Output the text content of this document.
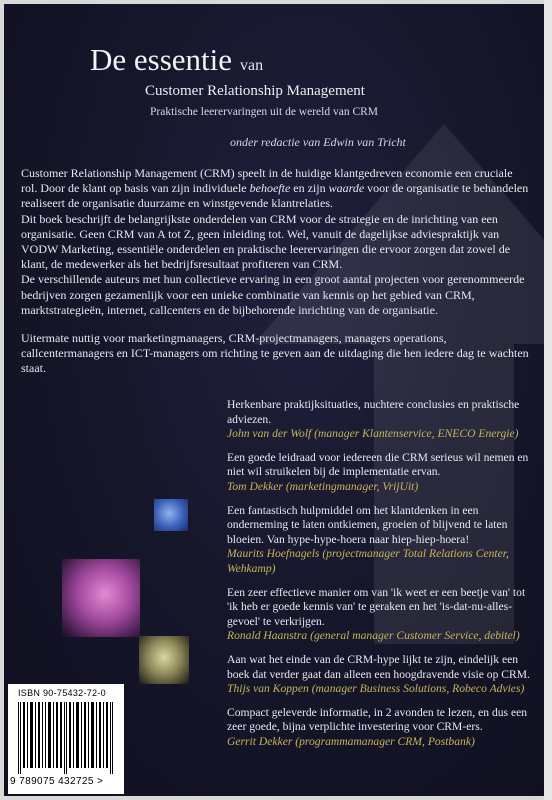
De essentie van
Customer Relationship Management
Praktische leerervaringen uit de wereld van CRM
onder redactie van Edwin van Tricht

Customer Relationship Management (CRM) speelt in de huidige klantgedreven economie een cruciale rol. Door de klant op basis van zijn individuele behoefte en zijn waarde voor de organisatie te behandelen realiseert de organisatie duurzame en winstgevende klantrelaties.

Dit boek beschrijft de belangrijkste onderdelen van CRM voor de strategie en de inrichting van een organisatie. Geen CRM van A tot Z, geen inleiding tot. Wel, vanuit de dagelijkse adviespraktijk van VODW Marketing, essentiële onderdelen en praktische leerervaringen die ervoor zorgen dat zowel de klant, de medewerker als het bedrijfsresultaat profiteren van CRM.

De verschillende auteurs met hun collectieve ervaring in een groot aantal projecten voor gerenommeerde bedrijven zorgen gezamenlijk voor een unieke combinatie van kennis op het gebied van CRM, marktstrategieën, internet, callcenters en de bijbehorende inrichting van de organisatie.

Uitermate nuttig voor marketingmanagers, CRM-projectmanagers, managers operations, callcentermanagers en ICT-managers om richting te geven aan de uitdaging die hen iedere dag te wachten staat.

Herkenbare praktijksituaties, nuchtere conclusies en praktische adviezen.
John van der Wolf (manager Klantenservice, ENECO Energie)
Een goede leidraad voor iedereen die CRM serieus wil nemen en niet wil struikelen bij de implementatie ervan.
Tom Dekker (marketingmanager, VrijUit)
Een fantastisch hulpmiddel om het klantdenken in een onderneming te laten ontkiemen, groeien of blijvend te laten bloeien. Van hype-hype-hoera naar hiep-hiep-hoera!
Maurits Hoefnagels (projectmanager Total Relations Center, Wehkamp)
Een zeer effectieve manier om van 'ik weet er een beetje van' tot 'ik heb er goede kennis van' te geraken en het 'is-dat-nu-alles-gevoel' te verkrijgen.
Ronald Haanstra (general manager Customer Service, debitel)
Aan wat het einde van de CRM-hype lijkt te zijn, eindelijk een boek dat verder gaat dan alleen een hoogdravende visie op CRM.
Thijs van Koppen (manager Business Solutions, Robeco Advies)
Compact geleverde informatie, in 2 avonden te lezen, en dus een zeer goede, bijna verplichte investering voor CRM-ers.
Gerrit Dekker (programmamanager CRM, Postbank)
ISBN 90-75432-72-0
9 789075 432725 >
